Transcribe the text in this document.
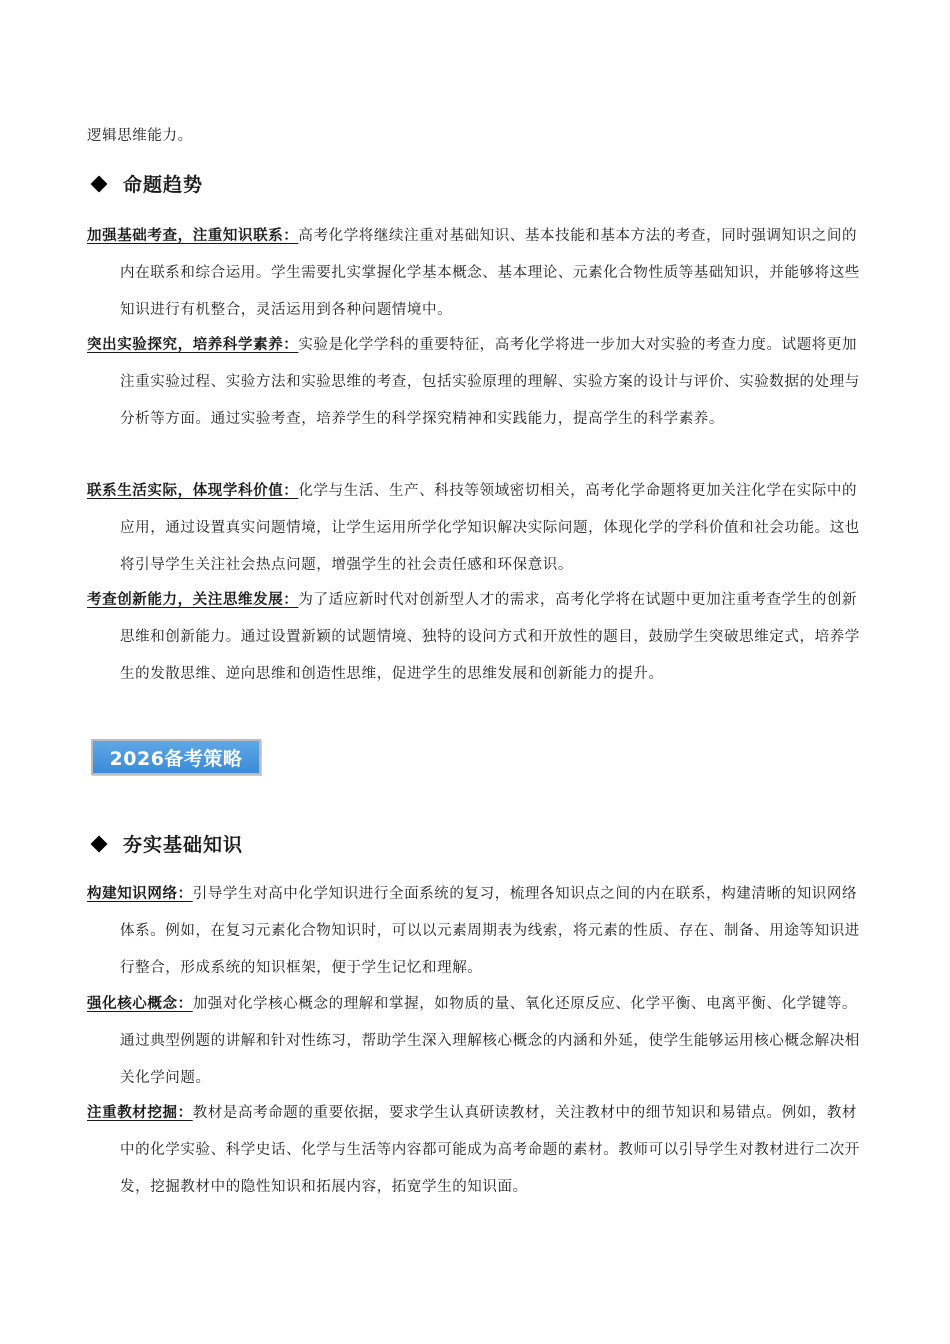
逻辑思维能力。

命题趋势

加强基础考查，注重知识联系：高考化学将继续注重对基础知识、基本技能和基本方法的考查，同时强调知识之间的内在联系和综合运用。学生需要扎实掌握化学基本概念、基本理论、元素化合物性质等基础知识，并能够将这些知识进行有机整合，灵活运用到各种问题情境中。

突出实验探究，培养科学素养：实验是化学学科的重要特征，高考化学将进一步加大对实验的考查力度。试题将更加注重实验过程、实验方法和实验思维的考查，包括实验原理的理解、实验方案的设计与评价、实验数据的处理与分析等方面。通过实验考查，培养学生的科学探究精神和实践能力，提高学生的科学素养。

联系生活实际，体现学科价值：化学与生活、生产、科技等领域密切相关，高考化学命题将更加关注化学在实际中的应用，通过设置真实问题情境，让学生运用所学化学知识解决实际问题，体现化学的学科价值和社会功能。这也将引导学生关注社会热点问题，增强学生的社会责任感和环保意识。

考查创新能力，关注思维发展：为了适应新时代对创新型人才的需求，高考化学将在试题中更加注重考查学生的创新思维和创新能力。通过设置新颖的试题情境、独特的设问方式和开放性的题目，鼓励学生突破思维定式，培养学生的发散思维、逆向思维和创造性思维，促进学生的思维发展和创新能力的提升。

2026备考策略
夯实基础知识

构建知识网络：引导学生对高中化学知识进行全面系统的复习，梳理各知识点之间的内在联系，构建清晰的知识网络体系。例如，在复习元素化合物知识时，可以以元素周期表为线索，将元素的性质、存在、制备、用途等知识进行整合，形成系统的知识框架，便于学生记忆和理解。

强化核心概念：加强对化学核心概念的理解和掌握，如物质的量、氧化还原反应、化学平衡、电离平衡、化学键等。通过典型例题的讲解和针对性练习，帮助学生深入理解核心概念的内涵和外延，使学生能够运用核心概念解决相关化学问题。

注重教材挖掘：教材是高考命题的重要依据，要求学生认真研读教材，关注教材中的细节知识和易错点。例如，教材中的化学实验、科学史话、化学与生活等内容都可能成为高考命题的素材。教师可以引导学生对教材进行二次开发，挖掘教材中的隐性知识和拓展内容，拓宽学生的知识面。
